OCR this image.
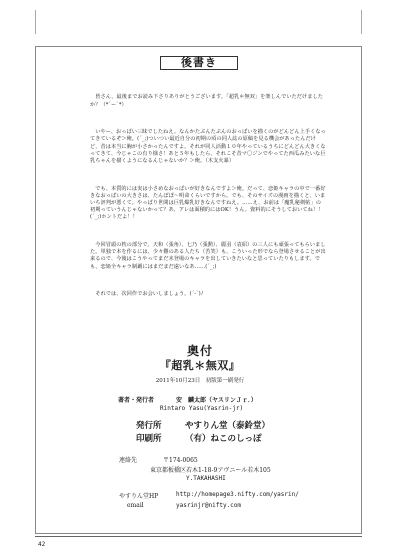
後書き

　皆さん、最後までお読み下さりありがとうございます。「超乳＊無双」を楽しんでいただけましたか？（*´ー`*）

　いやー、おっぱい三昧でしたねえ。なんかたぷんたぷんのおっぱいを描くのがどんどん上手くなってきているぞ＞俺。(´_;)ついつい最近自分の初期の頃の同人誌の原稿を見る機会があったんだけど、昔は本当に胸が小さかったんですよ。それが同人活動１０年やっているうちにどんどん大きくなってきて、今じゃこの有り様さ！あと５年もしたら、それこそ昔マ〇ジンでやってた西瓜みたいな巨乳ちゃんを描くようになるんじゃないか？＞俺。（木支火暴）

　でも、本質的には実は小さめなおっぱいが好きなんですよ＞俺。だって、恋姫キャラの中で一番好きなおっぱいの大きさは、たんぽぽ～明命くらいですから。でも、そのサイズの漫画を描くと、いまいち評判が悪くて。やっぱり世間は巨乳爆乳好きなんですねえ。……え、お前は「魔乳秘剣帖」の初期っていうんじゃないかって？あ、アレは面積的にはOK！うん。資料的にそうしておいてね！！(´_;)ホントだよ！！

　今回冒頭の枕の部分で、天和（張角）、七乃（張勲）、麗羽（袁紹）の三人にも頑張ってもらいました。単独で本を作るには、少々難のある人たち（苦笑）も、こういった形でなら登場させることが出来るので、今後はこうやってまだ未登場のキャラを出していきたいなと思っていたりもします。でも、恋姫全キャラ制覇にはまだまだ遠いなあ……(´_;)

　それでは、次回作でお会いしましょう。(´-`)ﾉ

奥付
『超乳＊無双』
2011年10月23日　初版第一刷発行
著者・発行者	安　麟太郎（ヤスリンＪｒ．）
Rintaro Yasu(Yasrin-jr)
発行所	やすりん堂（泰鈴堂）
印刷所	（有）ねこのしっぽ
連絡先	〒174-0065
東京都板橋区若木1-18-9アヴニール若木105
Y.TAKAHASHI
やすりん堂HP	http://homepage3.nifty.com/yasrin/
email	yasrinjr@nifty.com
42
